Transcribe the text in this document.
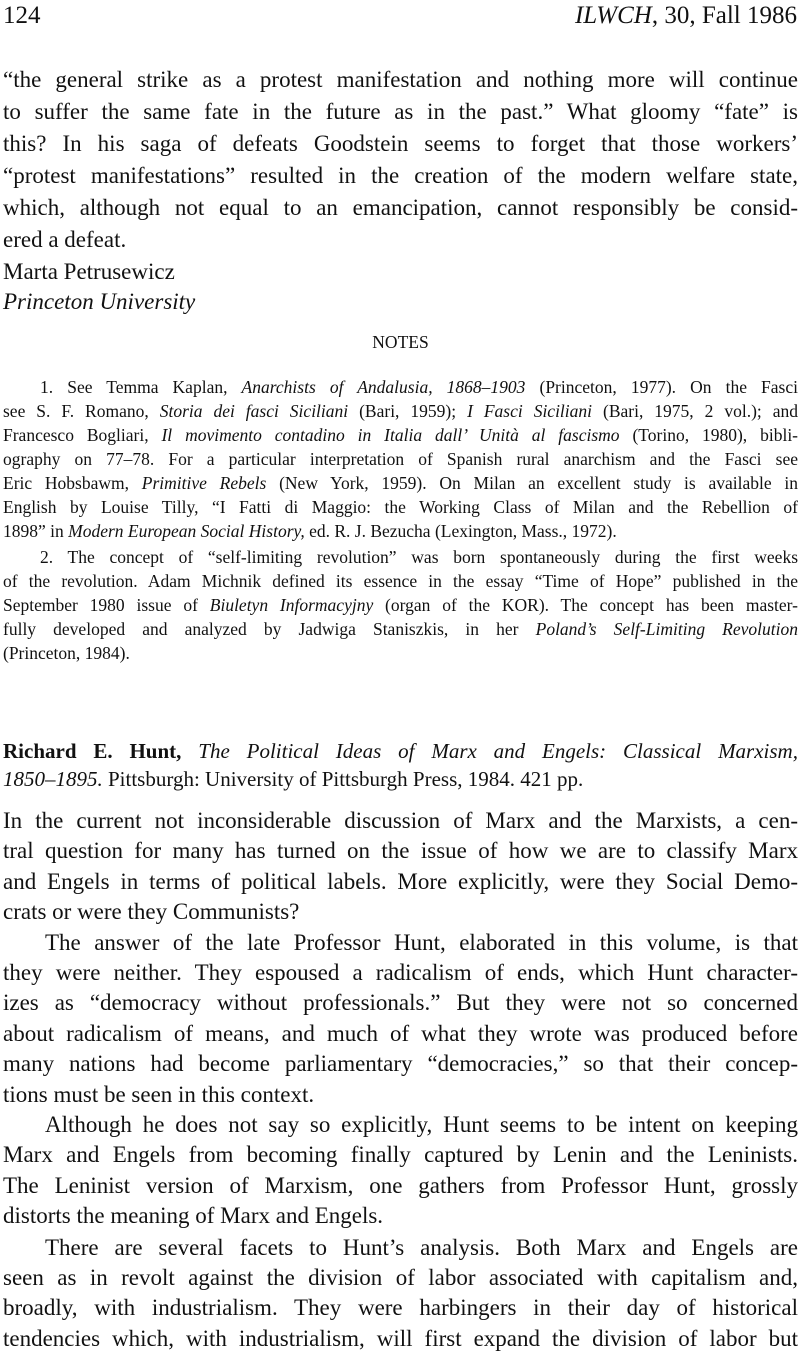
124	ILWCH, 30, Fall 1986
“the general strike as a protest manifestation and nothing more will continue
to suffer the same fate in the future as in the past.” What gloomy “fate” is
this? In his saga of defeats Goodstein seems to forget that those workers’
“protest manifestations” resulted in the creation of the modern welfare state,
which, although not equal to an emancipation, cannot responsibly be consid-
ered a defeat.
Marta Petrusewicz
Princeton University
NOTES
1. See Temma Kaplan, Anarchists of Andalusia, 1868–1903 (Princeton, 1977). On the Fasci
see S. F. Romano, Storia dei fasci Siciliani (Bari, 1959); I Fasci Siciliani (Bari, 1975, 2 vol.); and
Francesco Bogliari, Il movimento contadino in Italia dall’ Unità al fascismo (Torino, 1980), bibli-
ography on 77–78. For a particular interpretation of Spanish rural anarchism and the Fasci see
Eric Hobsbawm, Primitive Rebels (New York, 1959). On Milan an excellent study is available in
English by Louise Tilly, “I Fatti di Maggio: the Working Class of Milan and the Rebellion of
1898” in Modern European Social History, ed. R. J. Bezucha (Lexington, Mass., 1972).
2. The concept of “self-limiting revolution” was born spontaneously during the first weeks
of the revolution. Adam Michnik defined its essence in the essay “Time of Hope” published in the
September 1980 issue of Biuletyn Informacyjny (organ of the KOR). The concept has been master-
fully developed and analyzed by Jadwiga Staniszkis, in her Poland’s Self-Limiting Revolution
(Princeton, 1984).
Richard E. Hunt, The Political Ideas of Marx and Engels: Classical Marxism,
1850–1895. Pittsburgh: University of Pittsburgh Press, 1984. 421 pp.
In the current not inconsiderable discussion of Marx and the Marxists, a cen-
tral question for many has turned on the issue of how we are to classify Marx
and Engels in terms of political labels. More explicitly, were they Social Demo-
crats or were they Communists?
The answer of the late Professor Hunt, elaborated in this volume, is that
they were neither. They espoused a radicalism of ends, which Hunt character-
izes as “democracy without professionals.” But they were not so concerned
about radicalism of means, and much of what they wrote was produced before
many nations had become parliamentary “democracies,” so that their concep-
tions must be seen in this context.
Although he does not say so explicitly, Hunt seems to be intent on keeping
Marx and Engels from becoming finally captured by Lenin and the Leninists.
The Leninist version of Marxism, one gathers from Professor Hunt, grossly
distorts the meaning of Marx and Engels.
There are several facets to Hunt’s analysis. Both Marx and Engels are
seen as in revolt against the division of labor associated with capitalism and,
broadly, with industrialism. They were harbingers in their day of historical
tendencies which, with industrialism, will first expand the division of labor but
